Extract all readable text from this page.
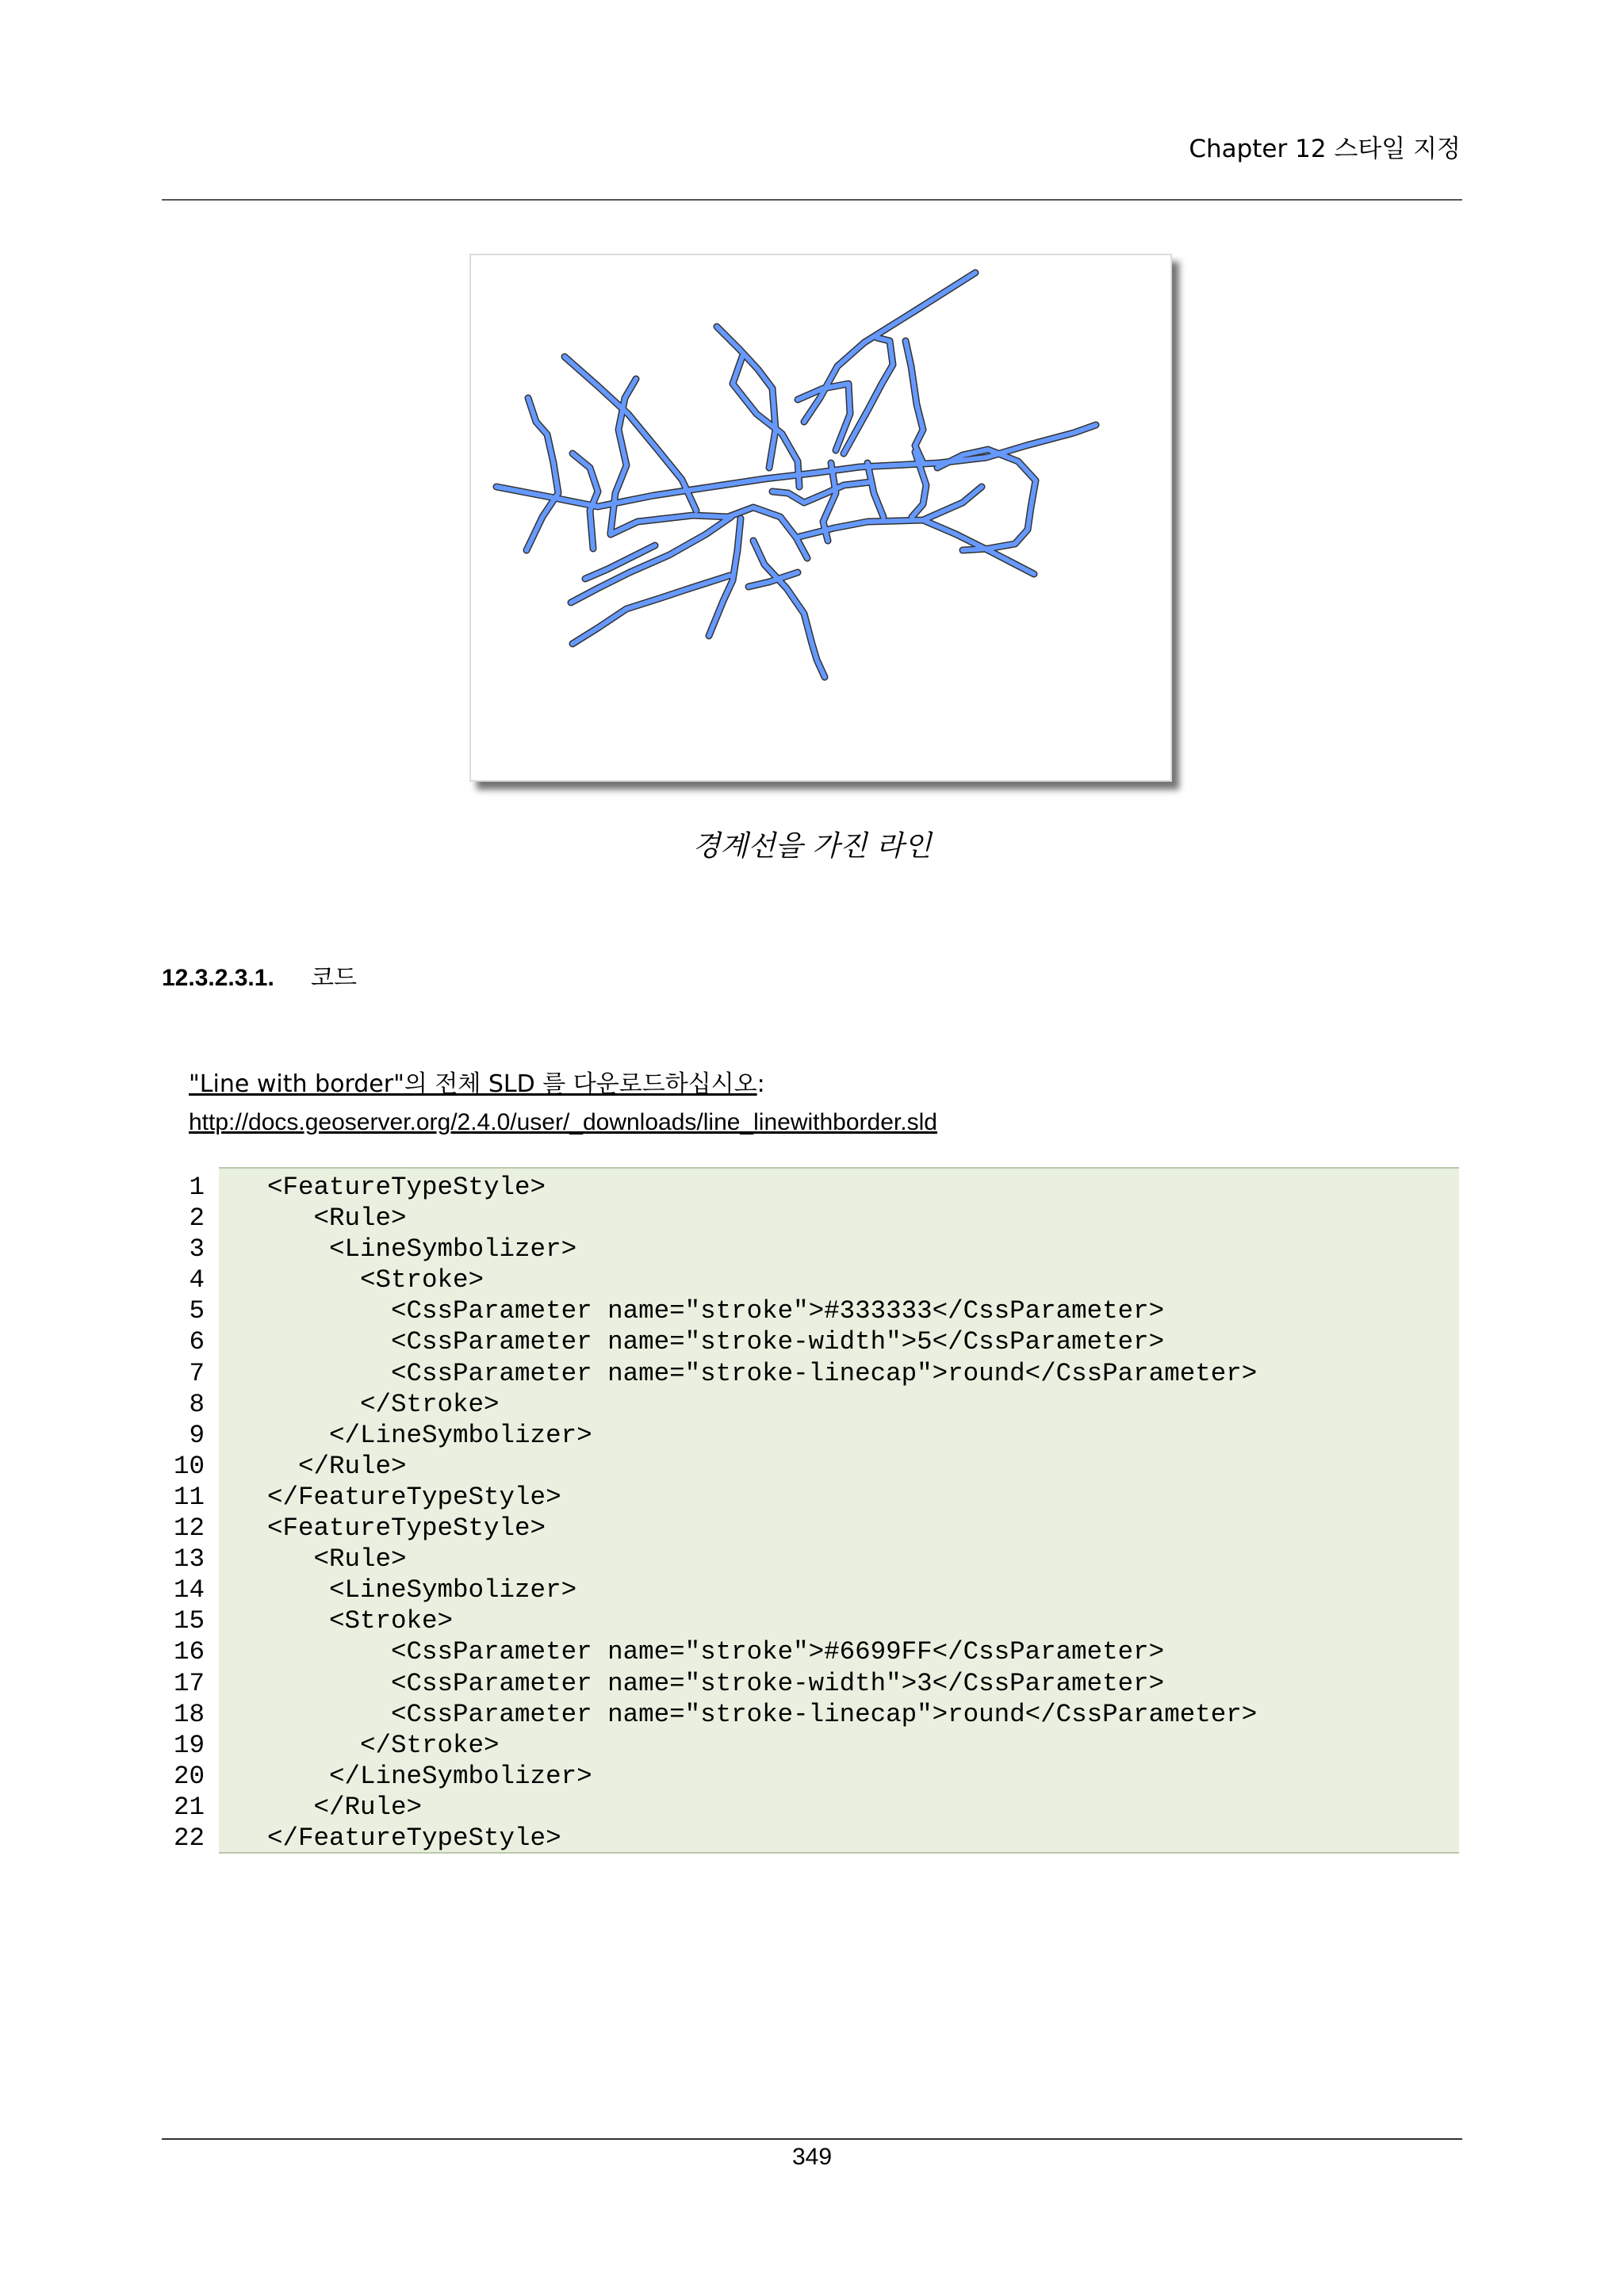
Chapter 12 스타일 지정
경계선을 가진 라인
12.3.2.3.1. 코드
"Line with border"의 전체 SLD 를 다운로드하십시오:
http://docs.geoserver.org/2.4.0/user/_downloads/line_linewithborder.sld
1 <FeatureTypeStyle>
2 <Rule>
3 <LineSymbolizer>
4 <Stroke>
5 <CssParameter name="stroke">#333333</CssParameter>
6 <CssParameter name="stroke-width">5</CssParameter>
7 <CssParameter name="stroke-linecap">round</CssParameter>
8 </Stroke>
9 </LineSymbolizer>
10 </Rule>
11 </FeatureTypeStyle>
12 <FeatureTypeStyle>
13 <Rule>
14 <LineSymbolizer>
15 <Stroke>
16 <CssParameter name="stroke">#6699FF</CssParameter>
17 <CssParameter name="stroke-width">3</CssParameter>
18 <CssParameter name="stroke-linecap">round</CssParameter>
19 </Stroke>
20 </LineSymbolizer>
21 </Rule>
22 </FeatureTypeStyle>
349
